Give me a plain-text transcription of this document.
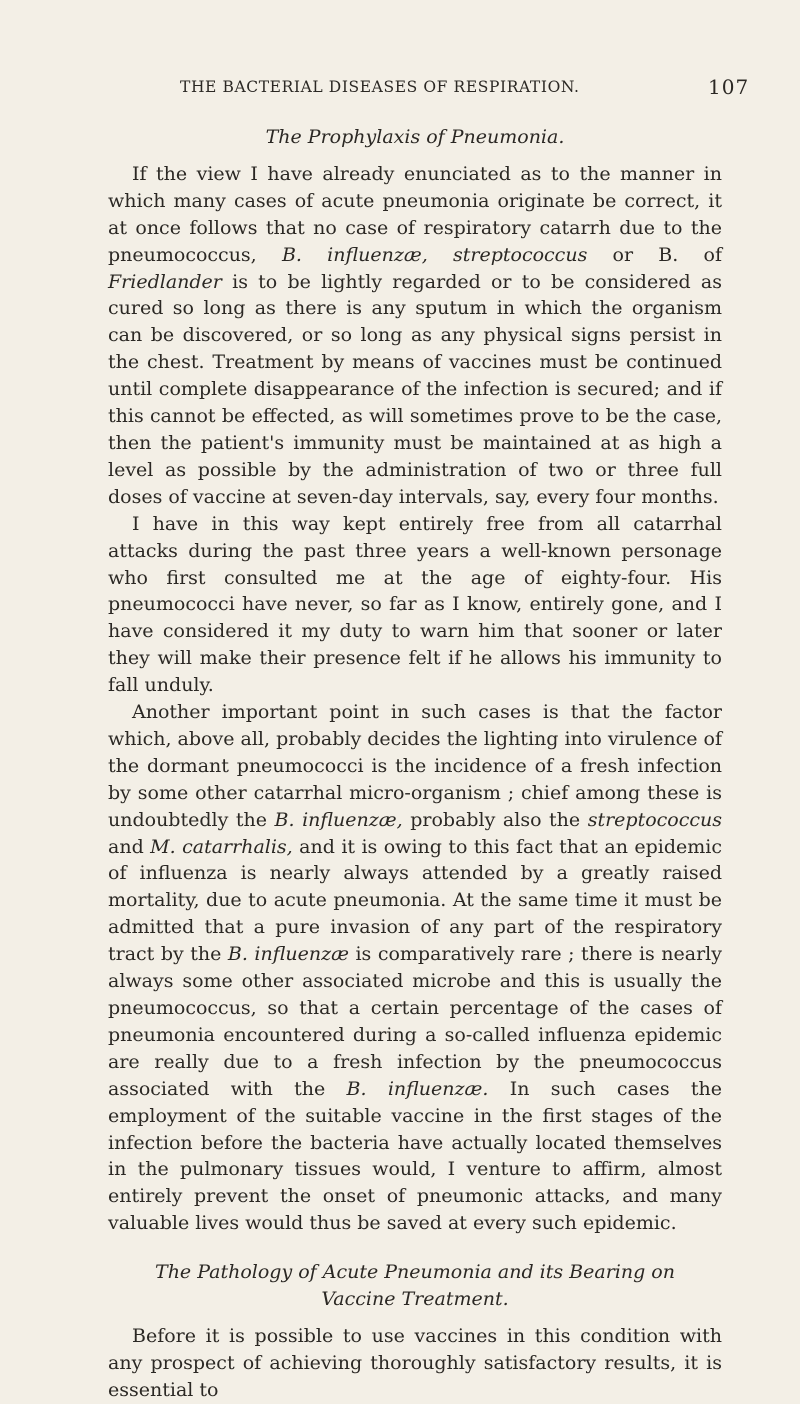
THE BACTERIAL DISEASES OF RESPIRATION.	107
The Prophylaxis of Pneumonia.

If the view I have already enunciated as to the manner in which many cases of acute pneumonia originate be correct, it at once follows that no case of respiratory catarrh due to the pneumococcus, B. influenzæ, streptococcus or B. of Friedlander is to be lightly regarded or to be considered as cured so long as there is any sputum in which the organism can be discovered, or so long as any physical signs persist in the chest. Treatment by means of vaccines must be continued until complete disappearance of the infection is secured; and if this cannot be effected, as will sometimes prove to be the case, then the patient's immunity must be maintained at as high a level as possible by the administration of two or three full doses of vaccine at seven-day intervals, say, every four months.

I have in this way kept entirely free from all catarrhal attacks during the past three years a well-known personage who first consulted me at the age of eighty-four. His pneumococci have never, so far as I know, entirely gone, and I have considered it my duty to warn him that sooner or later they will make their presence felt if he allows his immunity to fall unduly.

Another important point in such cases is that the factor which, above all, probably decides the lighting into virulence of the dormant pneumococci is the incidence of a fresh infection by some other catarrhal micro-organism ; chief among these is undoubtedly the B. influenzæ, probably also the streptococcus and M. catarrhalis, and it is owing to this fact that an epidemic of influenza is nearly always attended by a greatly raised mortality, due to acute pneumonia. At the same time it must be admitted that a pure invasion of any part of the respiratory tract by the B. influenzæ is comparatively rare ; there is nearly always some other associated microbe and this is usually the pneumococcus, so that a certain percentage of the cases of pneumonia encountered during a so-called influenza epidemic are really due to a fresh infection by the pneumococcus associated with the B. influenzæ. In such cases the employment of the suitable vaccine in the first stages of the infection before the bacteria have actually located themselves in the pulmonary tissues would, I venture to affirm, almost entirely prevent the onset of pneumonic attacks, and many valuable lives would thus be saved at every such epidemic.

The Pathology of Acute Pneumonia and its Bearing on Vaccine Treatment.

Before it is possible to use vaccines in this condition with any prospect of achieving thoroughly satisfactory results, it is essential to
